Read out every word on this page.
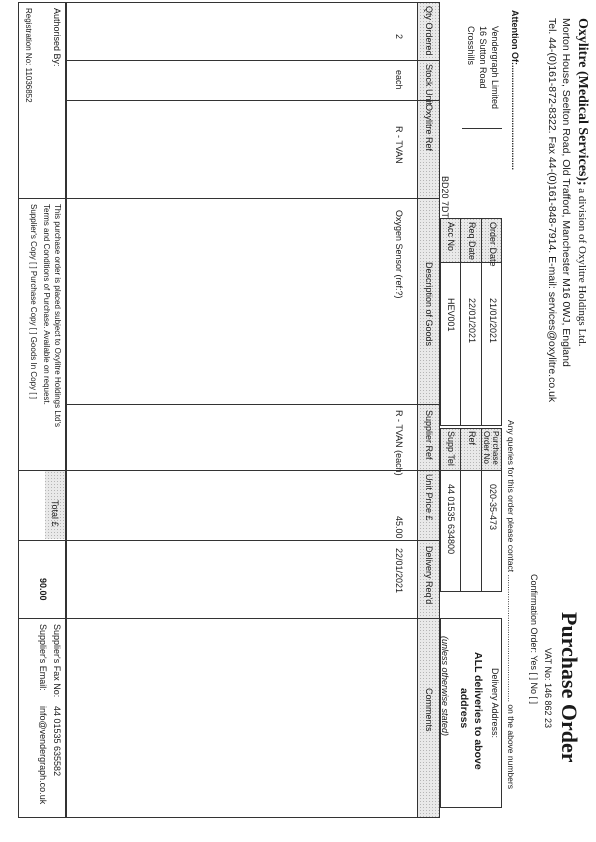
Oxylitre (Medical Services); a division of Oxylitre Holdings Ltd.
Morton House, Seelton Road, Old Trafford, Manchester M16 0WJ, England
Tel. 44-(0)161-872-8322. Fax 44-(0)161-848-7914. E-mail: services@oxylitre.co.uk
Purchase Order
VAT No: 146 862 23
Confirmation Order: Yes [ ] No [ ]
Any queries for this order please contact ...................................................... on the above numbers
Attention Of:..........................................
Vendergraph Limited
16 Sutton Road
Crosshills
BD20 7DT
Order Date
21/01/2021
Req Date
22/01/2021
Acc No
HEV001
Purchase Order No
020-35-473
Ref
Supp Tel
44 01535 634800
Delivery Address:
ALL deliveries to above
address
(unless otherwise stated)
Qty Ordered
Stock Unit
Oxylitre Ref
Description of Goods
Supplier Ref
Unit Price £
Delivery Req'd
Comments
2
each
R - TVAN
Oxygen Sensor (ref:?)
R - TVAN (each)
45.00
22/01/2021
Authorised By:
Registration No: 11036852
This purchase order is placed subject to Oxylitre Holdings Ltd's
Terms and Conditions of Purchase. Available on request.
Supplier's Copy [ ] Purchase Copy [ ] Goods In Copy [ ]
Total £
90.00
Supplier's Fax No:
44 01535 635582
Supplier's Email:
info@vendergraph.co.uk
